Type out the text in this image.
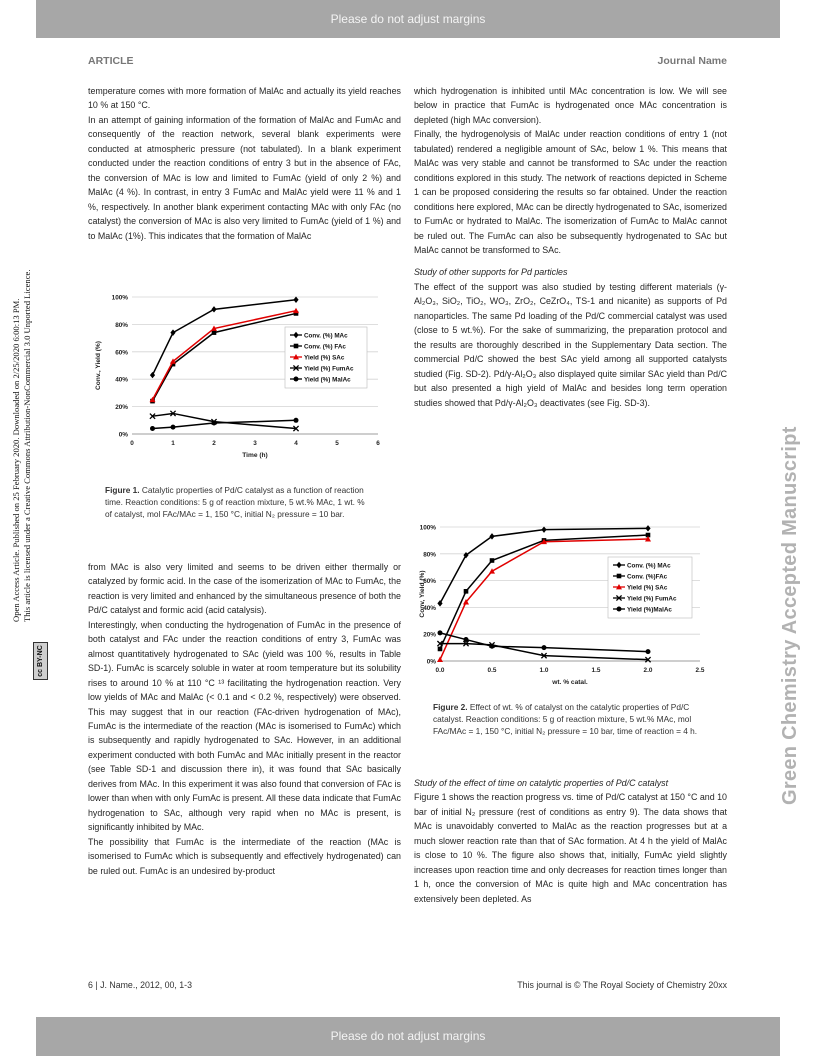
Please do not adjust margins
ARTICLE	Journal Name
Open Access Article. Published on 25 February 2020. Downloaded on 2/25/2020 6:00:13 PM. This article is licensed under a Creative Commons Attribution-NonCommercial 3.0 Unported Licence.
cc BY-NC	Green Chemistry Accepted Manuscript

temperature comes with more formation of MalAc and actually its yield reaches 10 % at 150 °C.

In an attempt of gaining information of the formation of MalAc and FumAc and consequently of the reaction network, several blank experiments were conducted at atmospheric pressure (not tabulated). In a blank experiment conducted under the reaction conditions of entry 3 but in the absence of FAc, the conversion of MAc is low and limited to FumAc (yield of only 2 %) and MalAc (4 %). In contrast, in entry 3 FumAc and MalAc yield were 11 % and 1 %, respectively. In another blank experiment contacting MAc with only FAc (no catalyst) the conversion of MAc is also very limited to FumAc (yield of 1 %) and to MalAc (1%). This indicates that the formation of MalAc

0%
20%
40%
60%
80%
100%
0	1	2	3	4	5	6
Time (h)
Conv., Yield (%)
Conv. (%) MAc
Conv. (%) FAc
Yield (%) SAc
Yield (%) FumAc
Yield (%) MalAc
Figure 1. Catalytic properties of Pd/C catalyst as a function of reaction time. Reaction conditions: 5 g of reaction mixture, 5 wt.% MAc, 1 wt. % of catalyst, mol FAc/MAc = 1, 150 °C, initial N₂ pressure = 10 bar.

from MAc is also very limited and seems to be driven either thermally or catalyzed by formic acid. In the case of the isomerization of MAc to FumAc, the reaction is very limited and enhanced by the simultaneous presence of both the Pd/C catalyst and formic acid (acid catalysis).

Interestingly, when conducting the hydrogenation of FumAc in the presence of both catalyst and FAc under the reaction conditions of entry 3, FumAc was almost quantitatively hydrogenated to SAc (yield was 100 %, results in Table SD-1). FumAc is scarcely soluble in water at room temperature but its solubility rises to around 10 % at 110 °C ¹³ facilitating the hydrogenation reaction. Very low yields of MAc and MalAc (< 0.1 and < 0.2 %, respectively) were observed. This may suggest that in our reaction (FAc-driven hydrogenation of MAc), FumAc is the intermediate of the reaction (MAc is isomerised to FumAc) which is subsequently and rapidly hydrogenated to SAc. However, in an additional experiment conducted with both FumAc and MAc initially present in the reactor (see Table SD-1 and discussion there in), it was found that SAc basically derives from MAc. In this experiment it was also found that conversion of FAc is lower than when with only FumAc is present. All these data indicate that FumAc hydrogenation to SAc, although very rapid when no MAc is present, is significantly inhibited by MAc.

The possibility that FumAc is the intermediate of the reaction (MAc is isomerised to FumAc which is subsequently and effectively hydrogenated) can be ruled out. FumAc is an undesired by-product

which hydrogenation is inhibited until MAc concentration is low. We will see below in practice that FumAc is hydrogenated once MAc concentration is depleted (high MAc conversion).

Finally, the hydrogenolysis of MalAc under reaction conditions of entry 1 (not tabulated) rendered a negligible amount of SAc, below 1 %. This means that MalAc was very stable and cannot be transformed to SAc under the reaction conditions explored in this study. The network of reactions depicted in Scheme 1 can be proposed considering the results so far obtained. Under the reaction conditions here explored, MAc can be directly hydrogenated to SAc, isomerized to FumAc or hydrated to MalAc. The isomerization of FumAc to MalAc cannot be ruled out. The FumAc can also be subsequently hydrogenated to SAc but MalAc cannot be transformed to SAc.

Study of other supports for Pd particles

The effect of the support was also studied by testing different materials (γ-Al₂O₃, SiO₂, TiO₂, WO₃, ZrO₂, CeZrO₄, TS-1 and nicanite) as supports of Pd nanoparticles. The same Pd loading of the Pd/C commercial catalyst was used (close to 5 wt.%). For the sake of summarizing, the preparation protocol and the results are thoroughly described in the Supplementary Data section. The commercial Pd/C showed the best SAc yield among all supported catalysts studied (Fig. SD-2). Pd/γ-Al₂O₃ also displayed quite similar SAc yield than Pd/C but also presented a high yield of MalAc and besides long term operation studies showed that Pd/γ-Al₂O₃ deactivates (see Fig. SD-3).

0%
20%
40%
60%
80%
100%
0.0	0.5	1.0	1.5	2.0	2.5
wt. % catal.
Conv, Yield (%)
Conv. (%) MAc
Conv. (%)FAc
Yield (%) SAc
Yield (%) FumAc
Yield (%)MalAc
Figure 2. Effect of wt. % of catalyst on the catalytic properties of Pd/C catalyst. Reaction conditions: 5 g of reaction mixture, 5 wt.% MAc, mol FAc/MAc = 1, 150 °C, initial N₂ pressure = 10 bar, time of reaction = 4 h.

Study of the effect of time on catalytic properties of Pd/C catalyst

Figure 1 shows the reaction progress vs. time of Pd/C catalyst at 150 °C and 10 bar of initial N₂ pressure (rest of conditions as entry 9). The data shows that MAc is unavoidably converted to MalAc as the reaction progresses but at a much slower reaction rate than that of SAc formation. At 4 h the yield of MalAc is close to 10 %. The figure also shows that, initially, FumAc yield slightly increases upon reaction time and only decreases for reaction times longer than 1 h, once the conversion of MAc is quite high and MAc concentration has extensively been depleted. As

6 | J. Name., 2012, 00, 1-3	This journal is © The Royal Society of Chemistry 20xx
Please do not adjust margins
